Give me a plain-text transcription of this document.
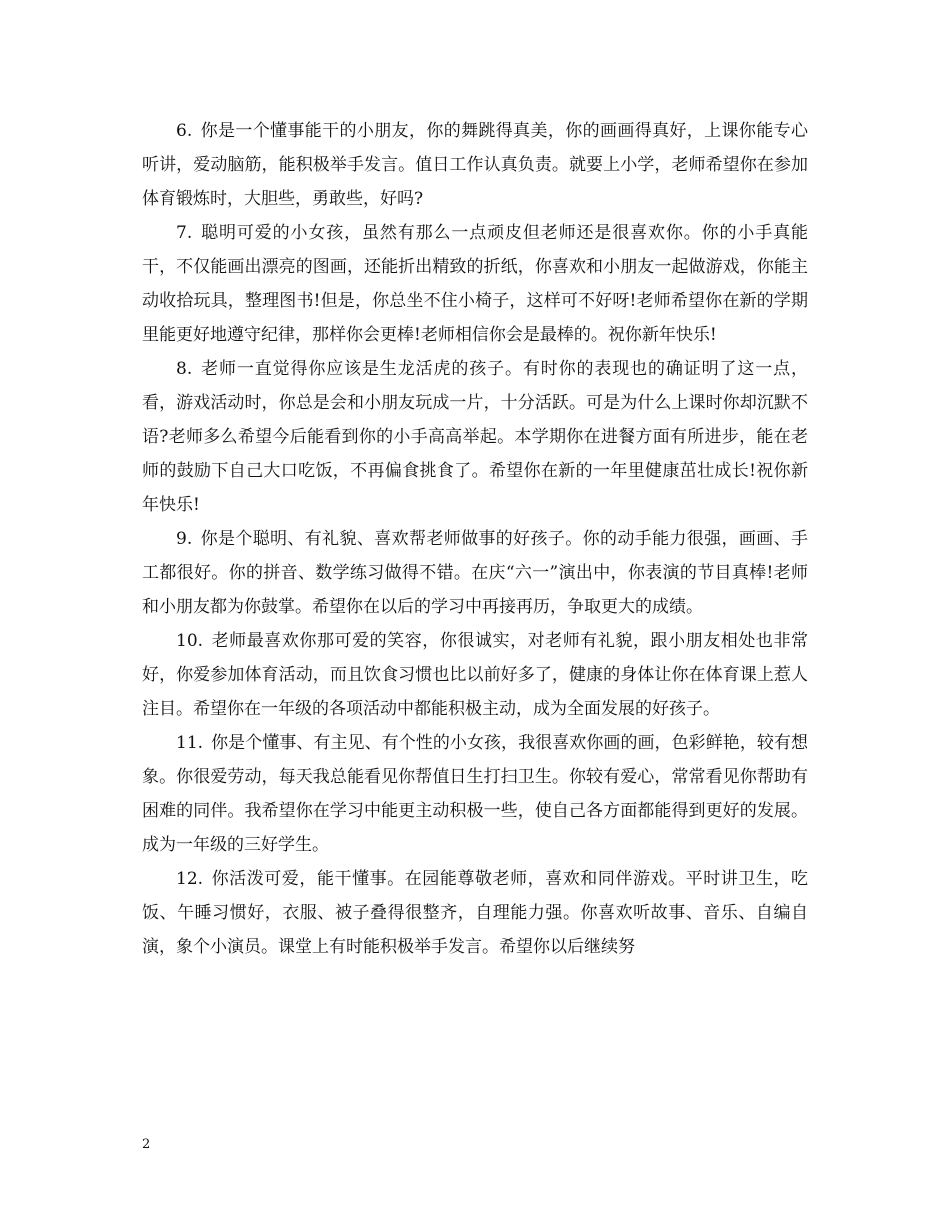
6. 你是一个懂事能干的小朋友，你的舞跳得真美，你的画画得真好，上课你能专心听讲，爱动脑筋，能积极举手发言。值日工作认真负责。就要上小学，老师希望你在参加体育锻炼时，大胆些，勇敢些，好吗?

7. 聪明可爱的小女孩，虽然有那么一点顽皮但老师还是很喜欢你。你的小手真能干，不仅能画出漂亮的图画，还能折出精致的折纸，你喜欢和小朋友一起做游戏，你能主动收拾玩具，整理图书!但是，你总坐不住小椅子，这样可不好呀!老师希望你在新的学期里能更好地遵守纪律，那样你会更棒!老师相信你会是最棒的。祝你新年快乐!

8. 老师一直觉得你应该是生龙活虎的孩子。有时你的表现也的确证明了这一点，看，游戏活动时，你总是会和小朋友玩成一片，十分活跃。可是为什么上课时你却沉默不语?老师多么希望今后能看到你的小手高高举起。本学期你在进餐方面有所进步，能在老师的鼓励下自己大口吃饭，不再偏食挑食了。希望你在新的一年里健康茁壮成长!祝你新年快乐!

9. 你是个聪明、有礼貌、喜欢帮老师做事的好孩子。你的动手能力很强，画画、手工都很好。你的拼音、数学练习做得不错。在庆“六一”演出中，你表演的节目真棒!老师和小朋友都为你鼓掌。希望你在以后的学习中再接再历，争取更大的成绩。

10. 老师最喜欢你那可爱的笑容，你很诚实，对老师有礼貌，跟小朋友相处也非常好，你爱参加体育活动，而且饮食习惯也比以前好多了，健康的身体让你在体育课上惹人注目。希望你在一年级的各项活动中都能积极主动，成为全面发展的好孩子。

11. 你是个懂事、有主见、有个性的小女孩，我很喜欢你画的画，色彩鲜艳，较有想象。你很爱劳动，每天我总能看见你帮值日生打扫卫生。你较有爱心，常常看见你帮助有困难的同伴。我希望你在学习中能更主动积极一些，使自己各方面都能得到更好的发展。成为一年级的三好学生。

12. 你活泼可爱，能干懂事。在园能尊敬老师，喜欢和同伴游戏。平时讲卫生，吃饭、午睡习惯好，衣服、被子叠得很整齐，自理能力强。你喜欢听故事、音乐、自编自演，象个小演员。课堂上有时能积极举手发言。希望你以后继续努

2
